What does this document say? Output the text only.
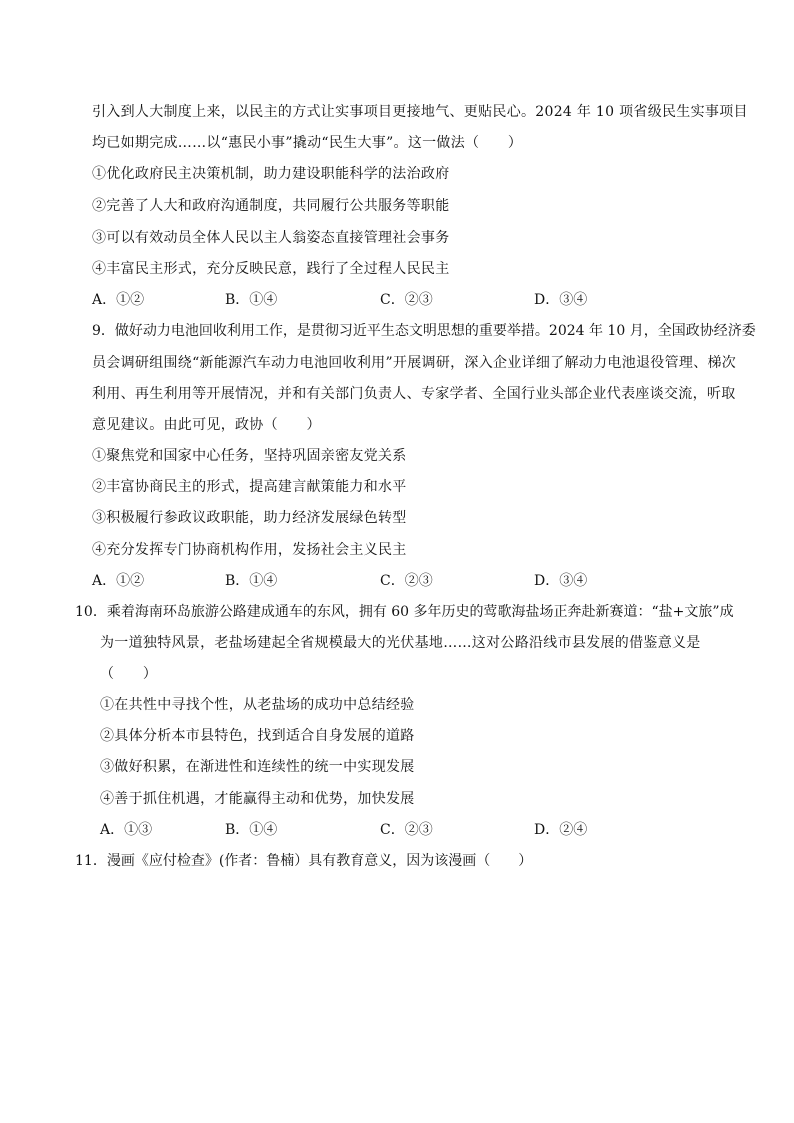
引入到人大制度上来，以民主的方式让实事项目更接地气、更贴民心。2024 年 10 项省级民生实事项目
均已如期完成……以“惠民小事”撬动“民生大事”。这一做法（　　）
①优化政府民主决策机制，助力建设职能科学的法治政府
②完善了人大和政府沟通制度，共同履行公共服务等职能
③可以有效动员全体人民以主人翁姿态直接管理社会事务
④丰富民主形式，充分反映民意，践行了全过程人民民主
A．①②	B．①④	C．②③	D．③④
9．做好动力电池回收利用工作，是贯彻习近平生态文明思想的重要举措。2024 年 10 月，全国政协经济委
员会调研组围绕“新能源汽车动力电池回收利用”开展调研，深入企业详细了解动力电池退役管理、梯次
利用、再生利用等开展情况，并和有关部门负责人、专家学者、全国行业头部企业代表座谈交流，听取
意见建议。由此可见，政协（　　）
①聚焦党和国家中心任务，坚持巩固亲密友党关系
②丰富协商民主的形式，提高建言献策能力和水平
③积极履行参政议政职能，助力经济发展绿色转型
④充分发挥专门协商机构作用，发扬社会主义民主
A．①②	B．①④	C．②③	D．③④
10．乘着海南环岛旅游公路建成通车的东风，拥有 60 多年历史的莺歌海盐场正奔赴新赛道：“盐+文旅”成
为一道独特风景，老盐场建起全省规模最大的光伏基地……这对公路沿线市县发展的借鉴意义是
（　　）
①在共性中寻找个性，从老盐场的成功中总结经验
②具体分析本市县特色，找到适合自身发展的道路
③做好积累，在渐进性和连续性的统一中实现发展
④善于抓住机遇，才能赢得主动和优势，加快发展
A．①③	B．①④	C．②③	D．②④
11．漫画《应付检查》(作者：鲁楠）具有教育意义，因为该漫画（　　）
